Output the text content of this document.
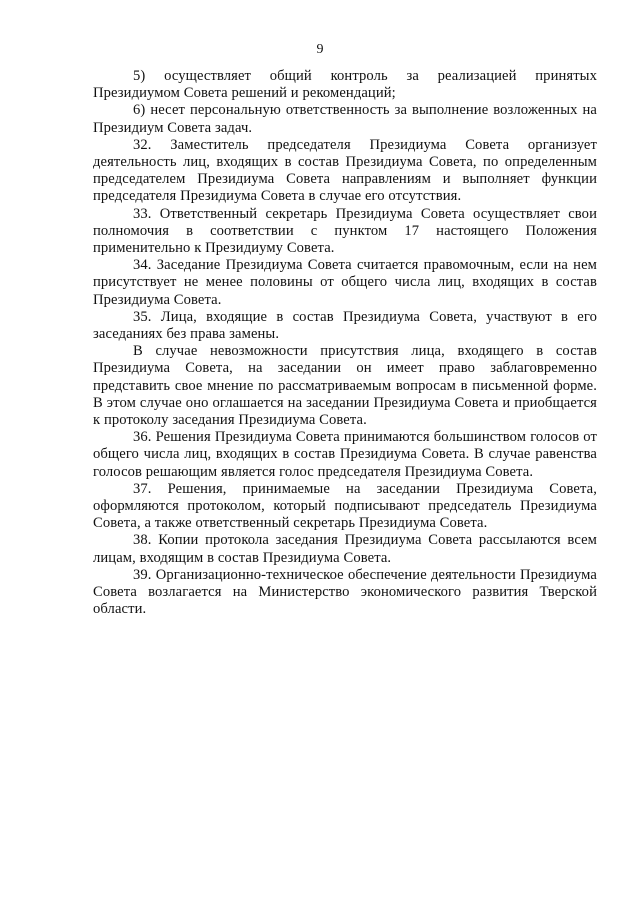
9

5) осуществляет общий контроль за реализацией принятых Президиумом Совета решений и рекомендаций;

6) несет персональную ответственность за выполнение возложенных на Президиум Совета задач.

32. Заместитель председателя Президиума Совета организует деятельность лиц, входящих в состав Президиума Совета, по определенным председателем Президиума Совета направлениям и выполняет функции председателя Президиума Совета в случае его отсутствия.

33. Ответственный секретарь Президиума Совета осуществляет свои полномочия в соответствии с пунктом 17 настоящего Положения применительно к Президиуму Совета.

34. Заседание Президиума Совета считается правомочным, если на нем присутствует не менее половины от общего числа лиц, входящих в состав Президиума Совета.

35. Лица, входящие в состав Президиума Совета, участвуют в его заседаниях без права замены.

В случае невозможности присутствия лица, входящего в состав Президиума Совета, на заседании он имеет право заблаговременно представить свое мнение по рассматриваемым вопросам в письменной форме. В этом случае оно оглашается на заседании Президиума Совета и приобщается к протоколу заседания Президиума Совета.

36. Решения Президиума Совета принимаются большинством голосов от общего числа лиц, входящих в состав Президиума Совета. В случае равенства голосов решающим является голос председателя Президиума Совета.

37. Решения, принимаемые на заседании Президиума Совета, оформляются протоколом, который подписывают председатель Президиума Совета, а также ответственный секретарь Президиума Совета.

38. Копии протокола заседания Президиума Совета рассылаются всем лицам, входящим в состав Президиума Совета.

39. Организационно-техническое обеспечение деятельности Президиума Совета возлагается на Министерство экономического развития Тверской области.
